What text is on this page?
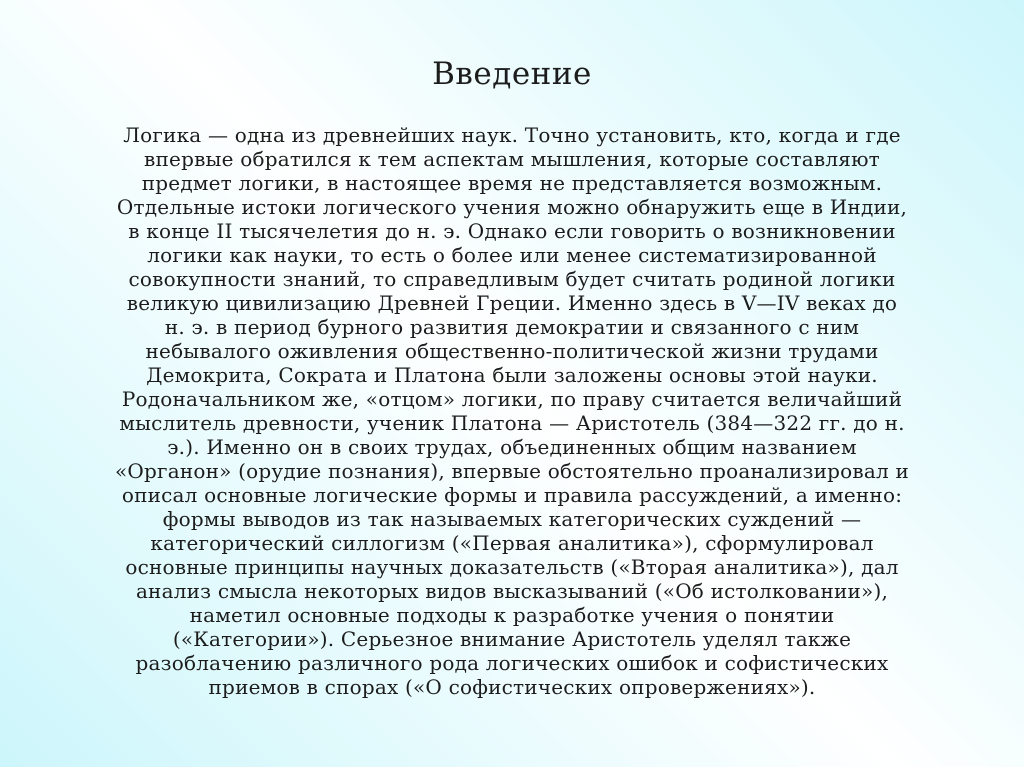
Введение
Логика — одна из древнейших наук. Точно установить, кто, когда и где
впервые обратился к тем аспектам мышления, которые составляют
предмет логики, в настоящее время не представляется возможным.
Отдельные истоки логического учения можно обнаружить еще в Индии,
в конце II тысячелетия до н. э. Однако если говорить о возникновении
логики как науки, то есть о более или менее систематизированной
совокупности знаний, то справедливым будет считать родиной логики
великую цивилизацию Древней Греции. Именно здесь в V—IV веках до
н. э. в период бурного развития демократии и связанного с ним
небывалого оживления общественно-политической жизни трудами
Демокрита, Сократа и Платона были заложены основы этой науки.
Родоначальником же, «отцом» логики, по праву считается величайший
мыслитель древности, ученик Платона — Аристотель (384—322 гг. до н.
э.). Именно он в своих трудах, объединенных общим названием
«Органон» (орудие познания), впервые обстоятельно проанализировал и
описал основные логические формы и правила рассуждений, а именно:
формы выводов из так называемых категорических суждений —
категорический силлогизм («Первая аналитика»), сформулировал
основные принципы научных доказательств («Вторая аналитика»), дал
анализ смысла некоторых видов высказываний («Об истолковании»),
наметил основные подходы к разработке учения о понятии
(«Категории»). Серьезное внимание Аристотель уделял также
разоблачению различного рода логических ошибок и софистических
приемов в спорах («О софистических опровержениях»).
